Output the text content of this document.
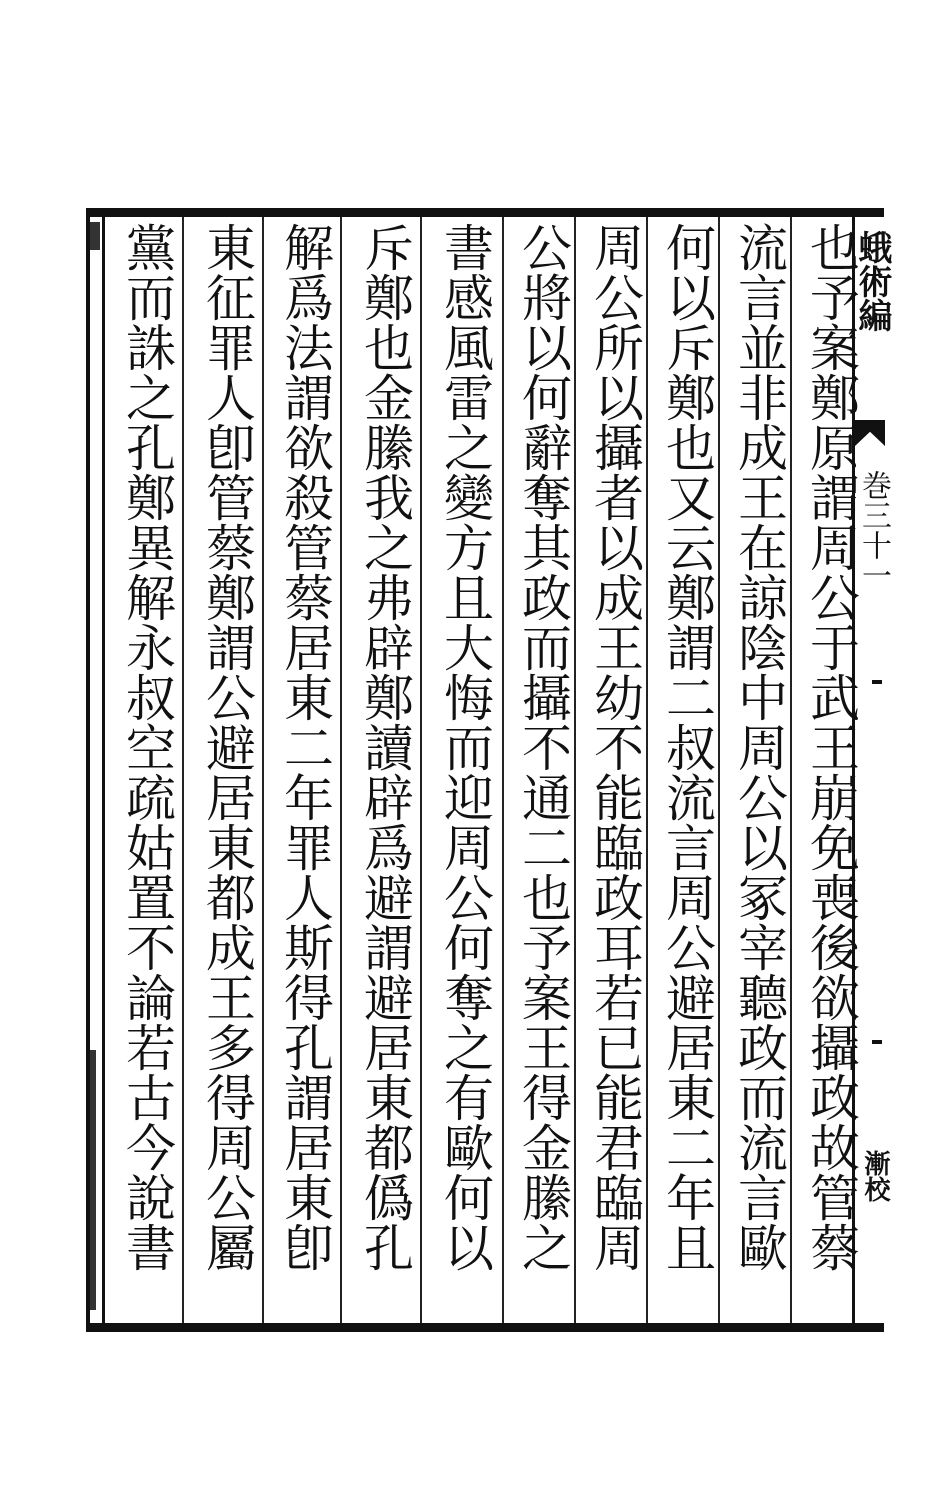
蛾術編
巻三十一
漸校
也予案鄭原謂周公于武王崩免喪後欲攝政故管蔡
流言並非成王在諒陰中周公以冢宰聽政而流言歐
何以斥鄭也又云鄭謂二叔流言周公避居東二年且
周公所以攝者以成王幼不能臨政耳若已能君臨周
公將以何辭奪其政而攝不通二也予案王得金縢之
書感風雷之變方且大悔而迎周公何奪之有歐何以
斥鄭也金縢我之弗辟鄭讀辟爲避謂避居東都僞孔
解爲法謂欲殺管蔡居東二年罪人斯得孔謂居東卽
東征罪人卽管蔡鄭謂公避居東都成王多得周公屬
黨而誅之孔鄭異解永叔空疏姑置不論若古今說書
